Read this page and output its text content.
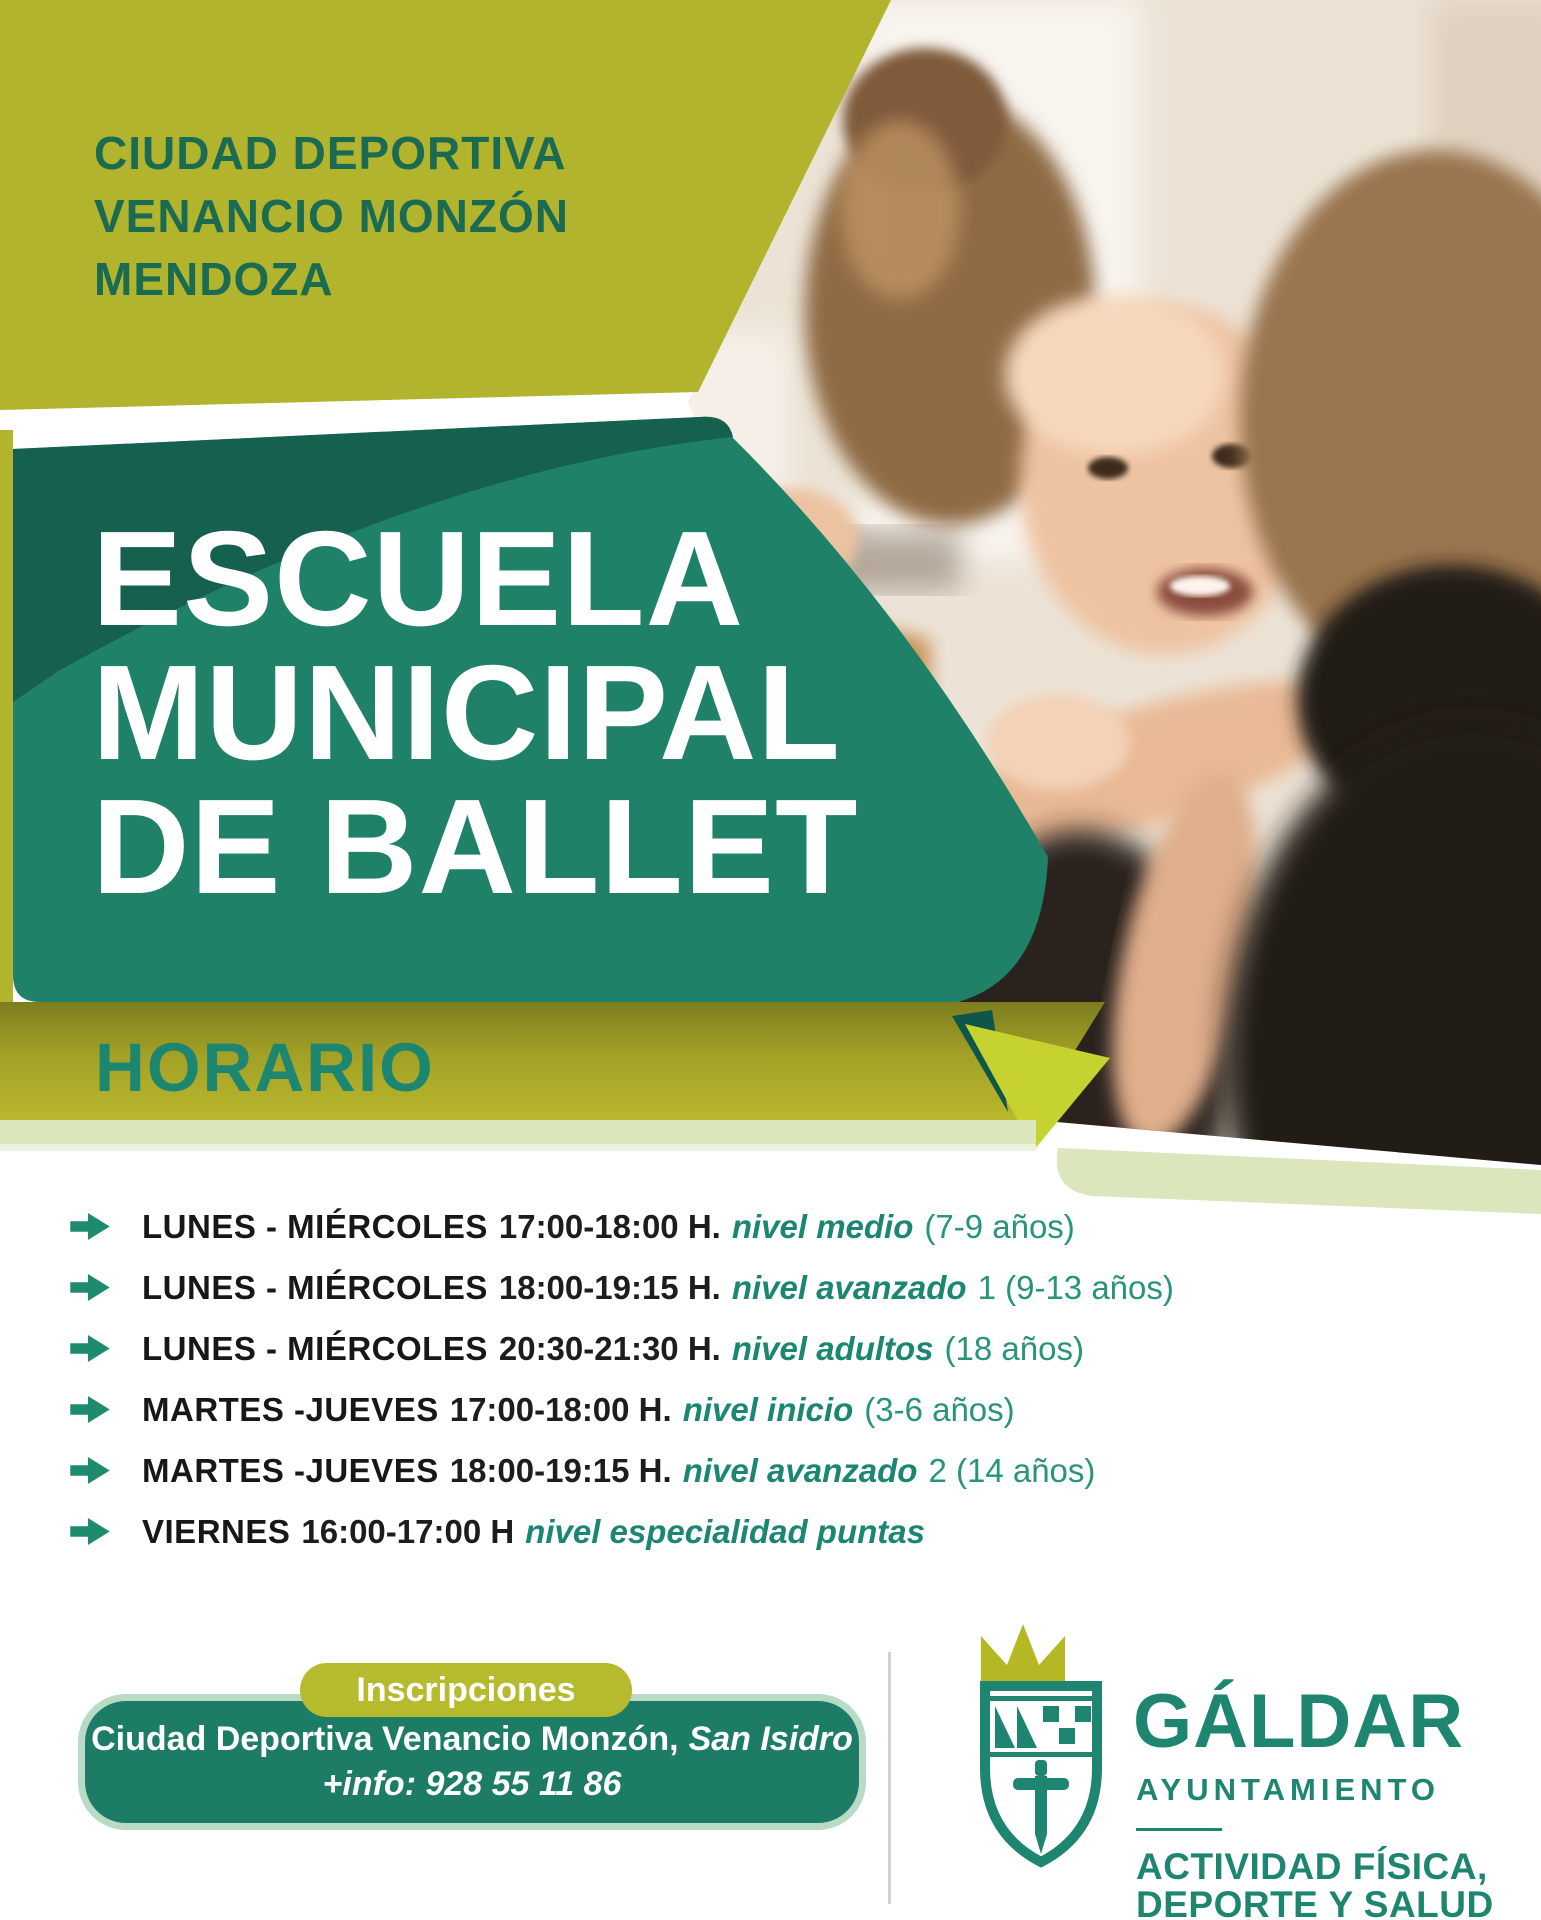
CIUDAD DEPORTIVA
VENANCIO MONZÓN
MENDOZA
ESCUELA
MUNICIPAL
DE BALLET
HORARIO
LUNES - MIÉRCOLES 17:00-18:00 H. nivel medio (7-9 años)
LUNES - MIÉRCOLES 18:00-19:15 H. nivel avanzado 1 (9-13 años)
LUNES - MIÉRCOLES 20:30-21:30 H. nivel adultos (18 años)
MARTES -JUEVES 17:00-18:00 H. nivel inicio (3-6 años)
MARTES -JUEVES 18:00-19:15 H. nivel avanzado 2 (14 años)
VIERNES 16:00-17:00 H nivel especialidad puntas
Ciudad Deportiva Venancio Monzón, San Isidro
+info: 928 55 11 86
Inscripciones	GÁLDAR
AYUNTAMIENTO
ACTIVIDAD FÍSICA,
DEPORTE Y SALUD
